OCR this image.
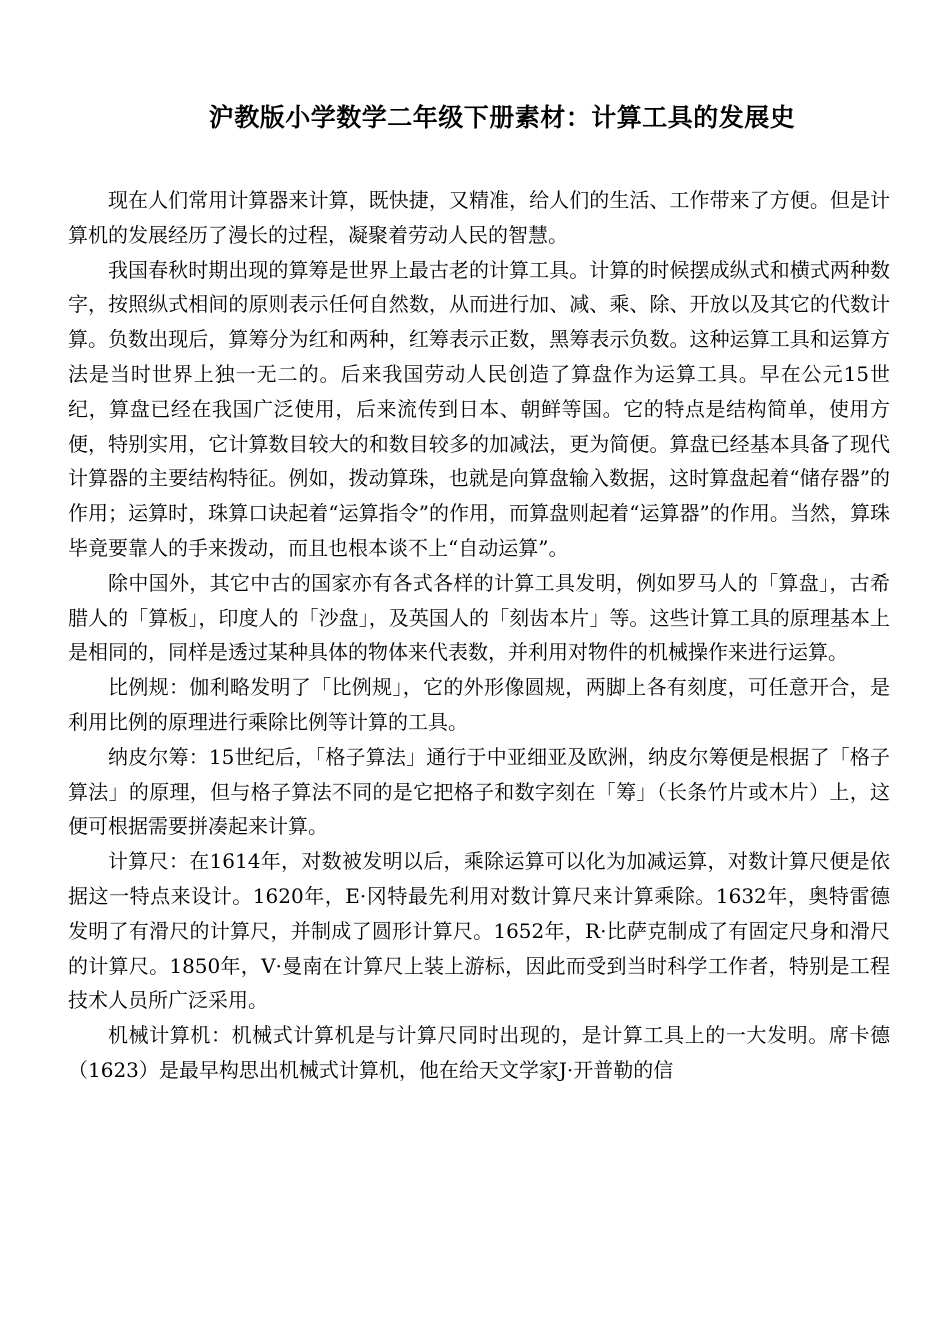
沪教版小学数学二年级下册素材：计算工具的发展史

现在人们常用计算器来计算，既快捷，又精准，给人们的生活、工作带来了方便。但是计算机的发展经历了漫长的过程，凝聚着劳动人民的智慧。

我国春秋时期出现的算筹是世界上最古老的计算工具。计算的时候摆成纵式和横式两种数字，按照纵式相间的原则表示任何自然数，从而进行加、减、乘、除、开放以及其它的代数计算。负数出现后，算筹分为红和两种，红筹表示正数，黑筹表示负数。这种运算工具和运算方法是当时世界上独一无二的。后来我国劳动人民创造了算盘作为运算工具。早在公元15世纪，算盘已经在我国广泛使用，后来流传到日本、朝鲜等国。它的特点是结构简单，使用方便，特别实用，它计算数目较大的和数目较多的加减法，更为简便。算盘已经基本具备了现代计算器的主要结构特征。例如，拨动算珠，也就是向算盘输入数据，这时算盘起着“储存器”的作用；运算时，珠算口诀起着“运算指令”的作用，而算盘则起着“运算器”的作用。当然，算珠毕竟要靠人的手来拨动，而且也根本谈不上“自动运算”。

除中国外，其它中古的国家亦有各式各样的计算工具发明，例如罗马人的「算盘」，古希腊人的「算板」，印度人的「沙盘」，及英国人的「刻齿本片」等。这些计算工具的原理基本上是相同的，同样是透过某种具体的物体来代表数，并利用对物件的机械操作来进行运算。

比例规：伽利略发明了「比例规」，它的外形像圆规，两脚上各有刻度，可任意开合，是利用比例的原理进行乘除比例等计算的工具。

纳皮尔筹：15世纪后，「格子算法」通行于中亚细亚及欧洲，纳皮尔筹便是根据了「格子算法」的原理，但与格子算法不同的是它把格子和数字刻在「筹」（长条竹片或木片）上，这便可根据需要拼凑起来计算。

计算尺：在1614年，对数被发明以后，乘除运算可以化为加减运算，对数计算尺便是依据这一特点来设计。1620年，E·冈特最先利用对数计算尺来计算乘除。1632年，奥特雷德发明了有滑尺的计算尺，并制成了圆形计算尺。1652年，R·比萨克制成了有固定尺身和滑尺的计算尺。1850年，V·曼南在计算尺上装上游标，因此而受到当时科学工作者，特别是工程技术人员所广泛采用。

机械计算机：机械式计算机是与计算尺同时出现的，是计算工具上的一大发明。席卡德（1623）是最早构思出机械式计算机，他在给天文学家J·开普勒的信
